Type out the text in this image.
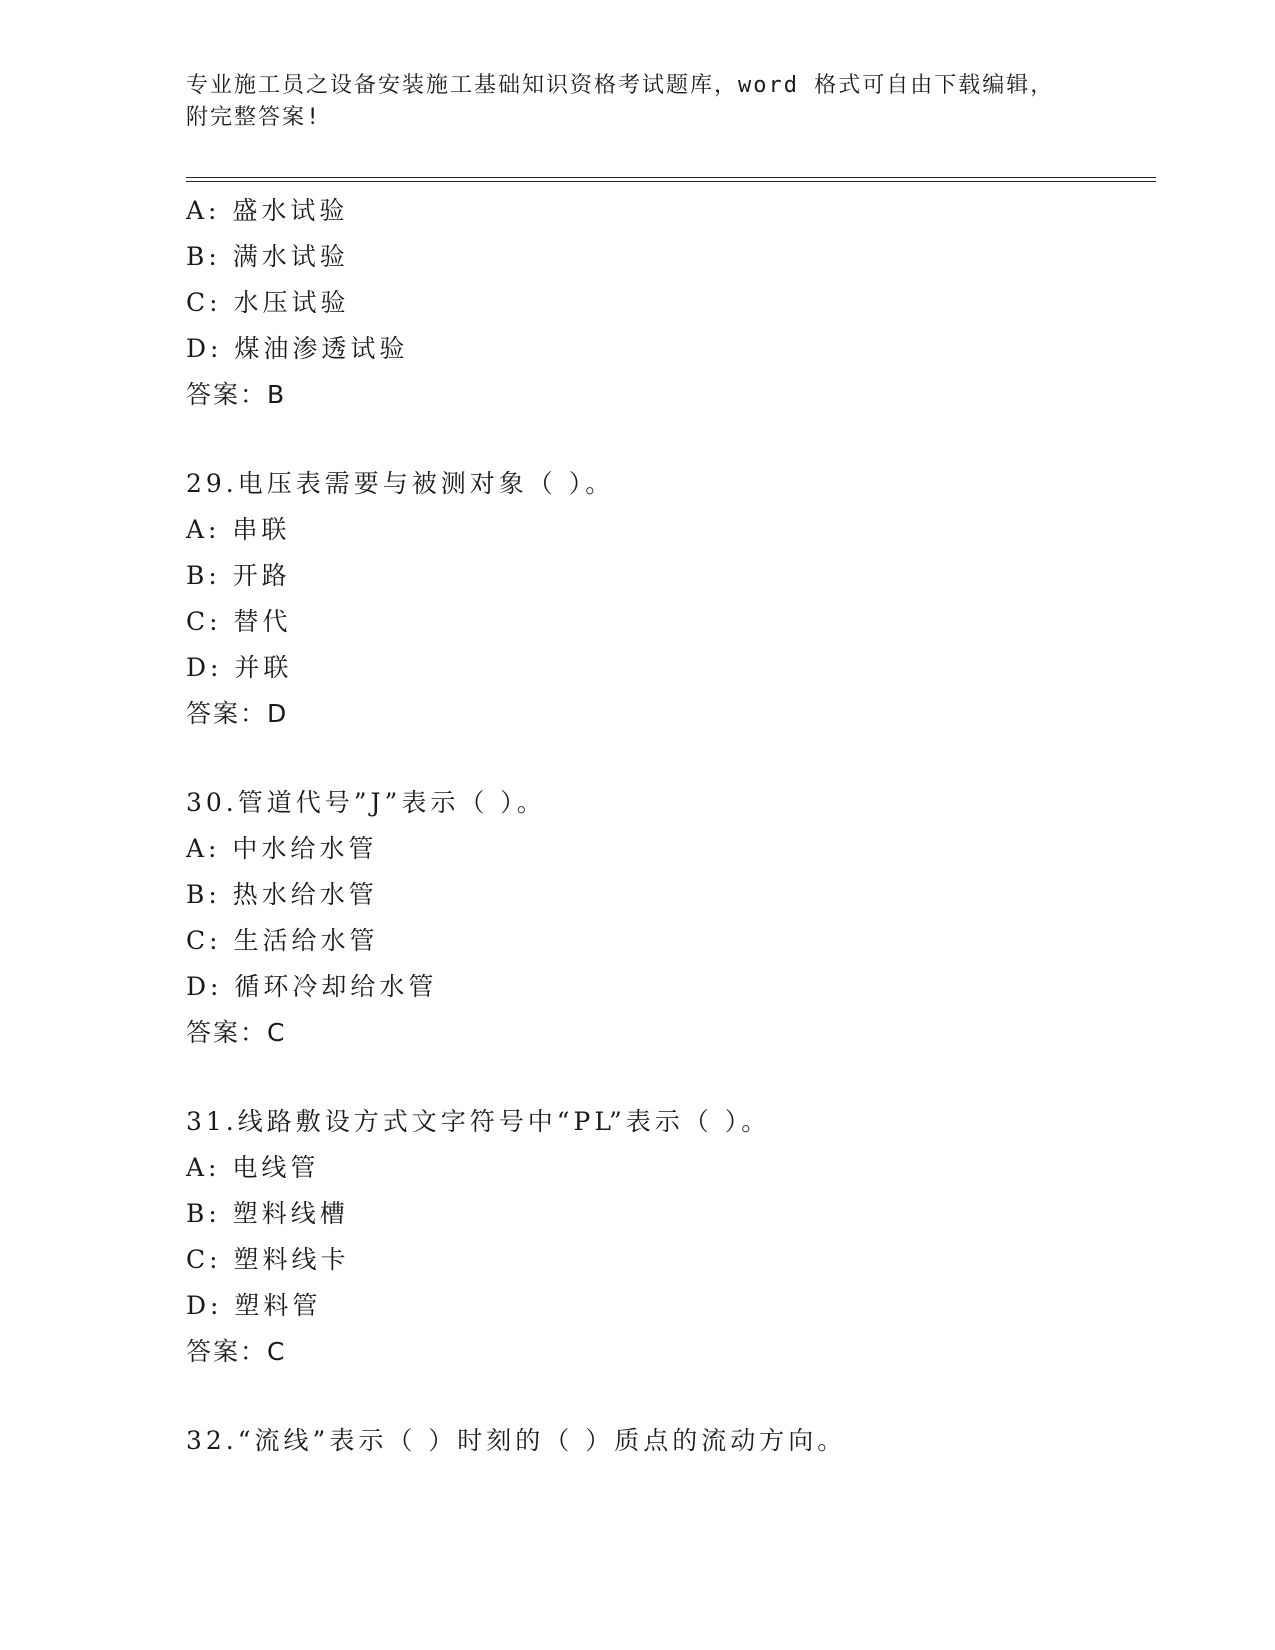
专业施工员之设备安装施工基础知识资格考试题库，word 格式可自由下载编辑，
附完整答案!
A: 盛水试验
B: 满水试验
C: 水压试验
D: 煤油渗透试验
答案：B
29.电压表需要与被测对象（ ）。
A: 串联
B: 开路
C: 替代
D: 并联
答案：D
30.管道代号”J”表示（ ）。
A: 中水给水管
B: 热水给水管
C: 生活给水管
D: 循环冷却给水管
答案：C
31.线路敷设方式文字符号中“PL”表示（ ）。
A: 电线管
B: 塑料线槽
C: 塑料线卡
D: 塑料管
答案：C
32.“流线”表示（ ）时刻的（ ）质点的流动方向。
